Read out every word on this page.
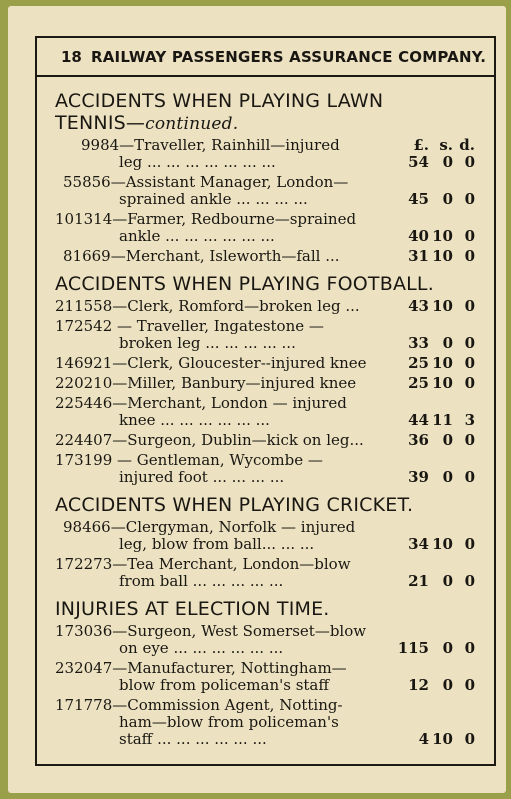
18 RAILWAY PASSENGERS ASSURANCE COMPANY.
ACCIDENTS WHEN PLAYING LAWN
TENNIS—continued.
9984—Traveller, Rainhill—injured	£. s. d.
leg ... ... ... ... ... ... ...	54 0 0
55856—Assistant Manager, London—
sprained ankle ... ... ... ...	45 0 0
101314—Farmer, Redbourne—sprained
ankle ... ... ... ... ... ...	40 10 0
81669—Merchant, Isleworth—fall ...	31 10 0
ACCIDENTS WHEN PLAYING FOOTBALL.
211558—Clerk, Romford—broken leg ...	43 10 0
172542 — Traveller, Ingatestone —
broken leg ... ... ... ... ...	33 0 0
146921—Clerk, Gloucester--injured knee	25 10 0
220210—Miller, Banbury—injured knee	25 10 0
225446—Merchant, London — injured
knee ... ... ... ... ... ...	44 11 3
224407—Surgeon, Dublin—kick on leg...	36 0 0
173199 — Gentleman, Wycombe —
injured foot ... ... ... ...	39 0 0
ACCIDENTS WHEN PLAYING CRICKET.
98466—Clergyman, Norfolk — injured
leg, blow from ball... ... ...	34 10 0
172273—Tea Merchant, London—blow
from ball ... ... ... ... ...	21 0 0
INJURIES AT ELECTION TIME.
173036—Surgeon, West Somerset—blow
on eye ... ... ... ... ... ...	115 0 0
232047—Manufacturer, Nottingham—
blow from policeman's staff	12 0 0
171778—Commission Agent, Notting-
ham—blow from policeman's
staff ... ... ... ... ... ...	4 10 0
